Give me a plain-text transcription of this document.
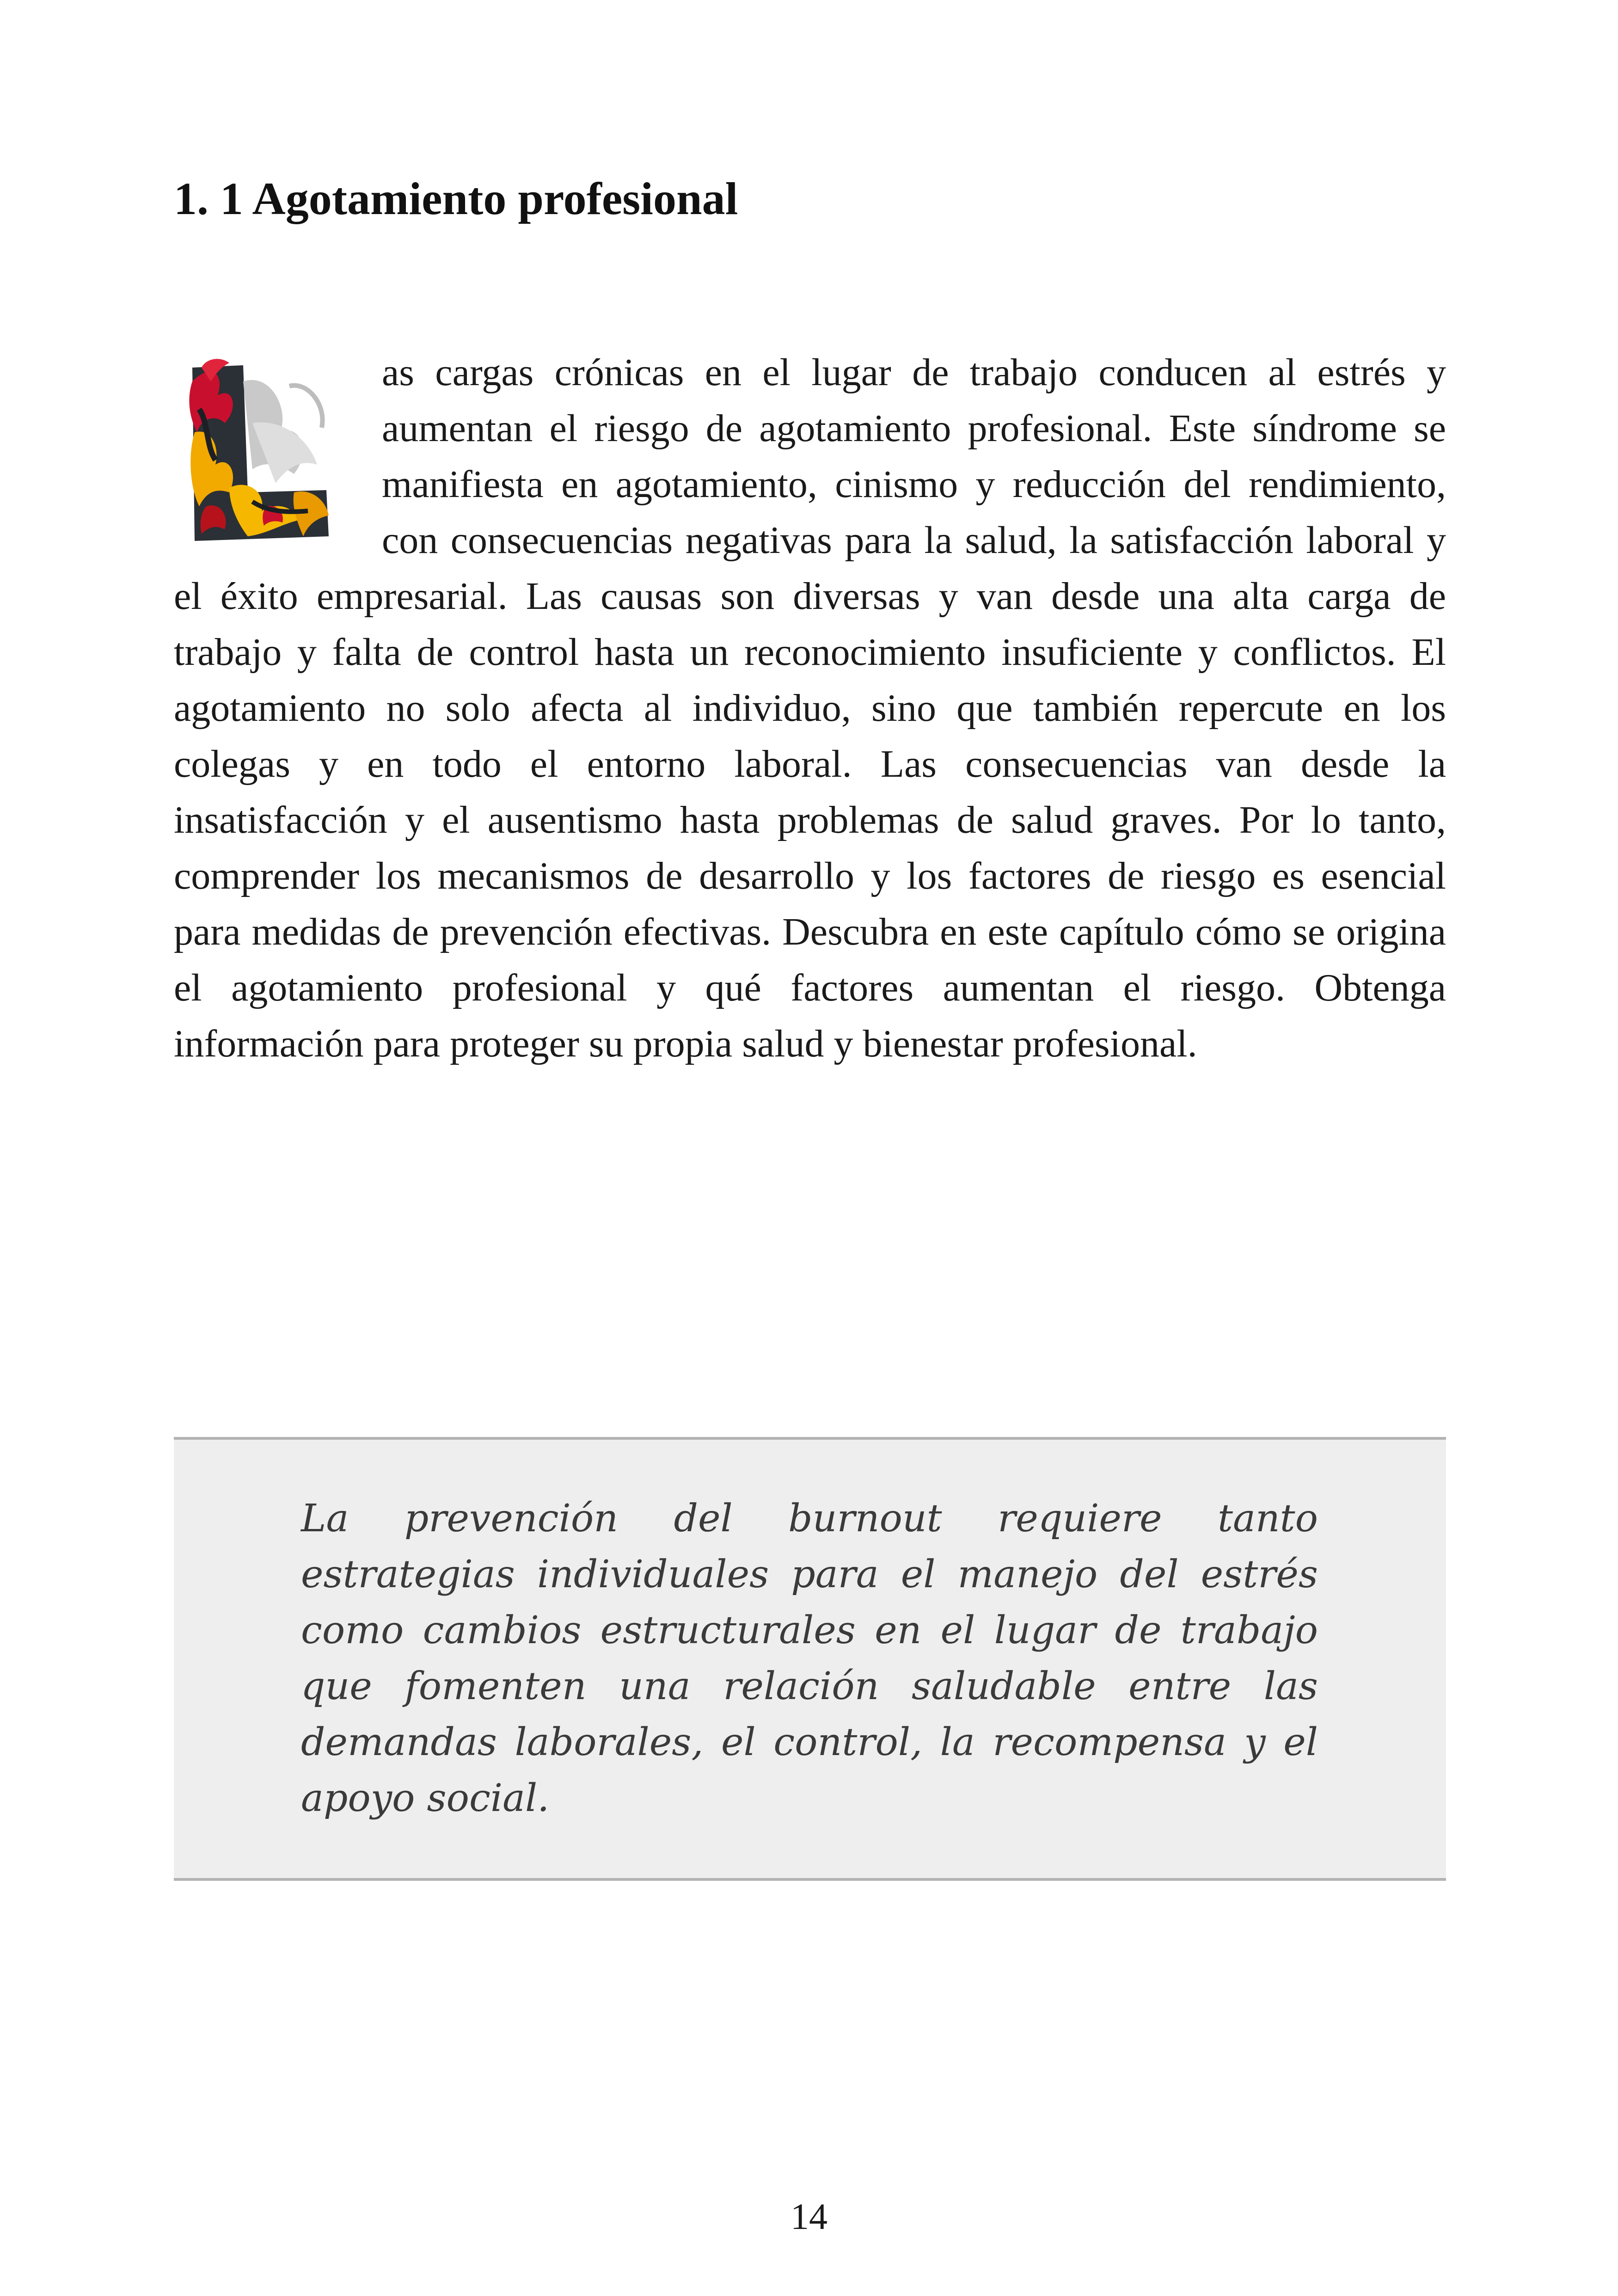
1. 1 Agotamiento profesional

as cargas crónicas en el lugar de trabajo conducen al estrés y aumentan el riesgo de agotamiento profesional. Este síndrome se manifiesta en agotamiento, cinismo y reducción del rendimiento, con consecuencias negativas para la salud, la satisfacción laboral y el éxito empresarial. Las causas son diversas y van desde una alta carga de trabajo y falta de control hasta un reconocimiento insuficiente y conflictos. El agotamiento no solo afecta al individuo, sino que también repercute en los colegas y en todo el entorno laboral. Las consecuencias van desde la insatisfacción y el ausentismo hasta problemas de salud graves. Por lo tanto, comprender los mecanismos de desarrollo y los factores de riesgo es esencial para medidas de prevención efectivas. Descubra en este capítulo cómo se origina el agotamiento profesional y qué factores aumentan el riesgo. Obtenga información para proteger su propia salud y bienestar profesional.

La prevención del burnout requiere tanto estrategias individuales para el manejo del estrés como cambios estructurales en el lugar de trabajo que fomenten una relación saludable entre las demandas laborales, el control, la recompensa y el apoyo social.

14
